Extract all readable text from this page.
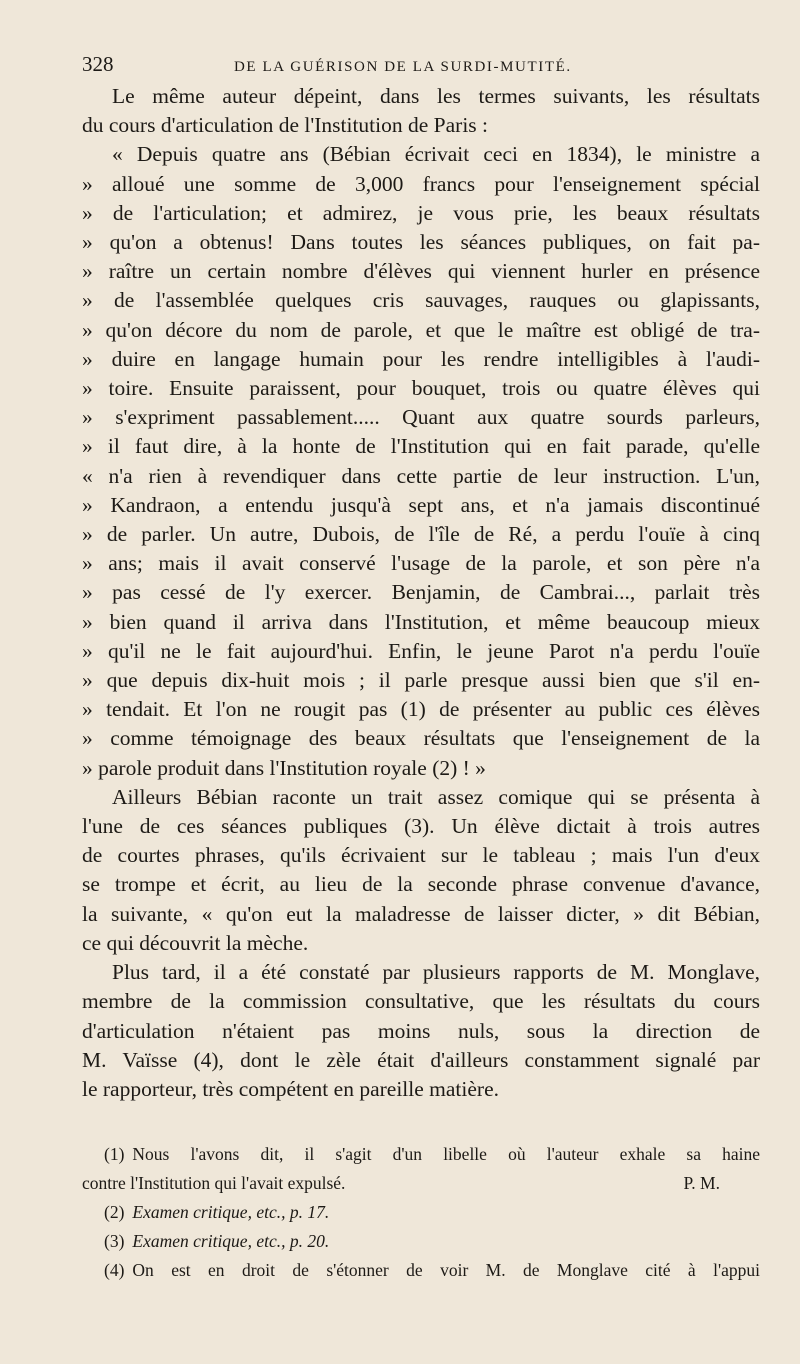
328	DE LA GUÉRISON DE LA SURDI-MUTITÉ.
Le même auteur dépeint, dans les termes suivants, les résultats
du cours d'articulation de l'Institution de Paris :
« Depuis quatre ans (Bébian écrivait ceci en 1834), le ministre a
» alloué une somme de 3,000 francs pour l'enseignement spécial
» de l'articulation; et admirez, je vous prie, les beaux résultats
» qu'on a obtenus! Dans toutes les séances publiques, on fait pa-
» raître un certain nombre d'élèves qui viennent hurler en présence
» de l'assemblée quelques cris sauvages, rauques ou glapissants,
» qu'on décore du nom de parole, et que le maître est obligé de tra-
» duire en langage humain pour les rendre intelligibles à l'audi-
» toire. Ensuite paraissent, pour bouquet, trois ou quatre élèves qui
» s'expriment passablement..... Quant aux quatre sourds parleurs,
» il faut dire, à la honte de l'Institution qui en fait parade, qu'elle
« n'a rien à revendiquer dans cette partie de leur instruction. L'un,
» Kandraon, a entendu jusqu'à sept ans, et n'a jamais discontinué
» de parler. Un autre, Dubois, de l'île de Ré, a perdu l'ouïe à cinq
» ans; mais il avait conservé l'usage de la parole, et son père n'a
» pas cessé de l'y exercer. Benjamin, de Cambrai..., parlait très
» bien quand il arriva dans l'Institution, et même beaucoup mieux
» qu'il ne le fait aujourd'hui. Enfin, le jeune Parot n'a perdu l'ouïe
» que depuis dix-huit mois ; il parle presque aussi bien que s'il en-
» tendait. Et l'on ne rougit pas (1) de présenter au public ces élèves
» comme témoignage des beaux résultats que l'enseignement de la
» parole produit dans l'Institution royale (2) ! »
Ailleurs Bébian raconte un trait assez comique qui se présenta à
l'une de ces séances publiques (3). Un élève dictait à trois autres
de courtes phrases, qu'ils écrivaient sur le tableau ; mais l'un d'eux
se trompe et écrit, au lieu de la seconde phrase convenue d'avance,
la suivante, « qu'on eut la maladresse de laisser dicter, » dit Bébian,
ce qui découvrit la mèche.
Plus tard, il a été constaté par plusieurs rapports de M. Monglave,
membre de la commission consultative, que les résultats du cours
d'articulation n'étaient pas moins nuls, sous la direction de
M. Vaïsse (4), dont le zèle était d'ailleurs constamment signalé par
le rapporteur, très compétent en pareille matière.
(1) Nous l'avons dit, il s'agit d'un libelle où l'auteur exhale sa haine
contre l'Institution qui l'avait expulsé.	P. M.
(2) Examen critique, etc., p. 17.
(3) Examen critique, etc., p. 20.
(4) On est en droit de s'étonner de voir M. de Monglave cité à l'appui
